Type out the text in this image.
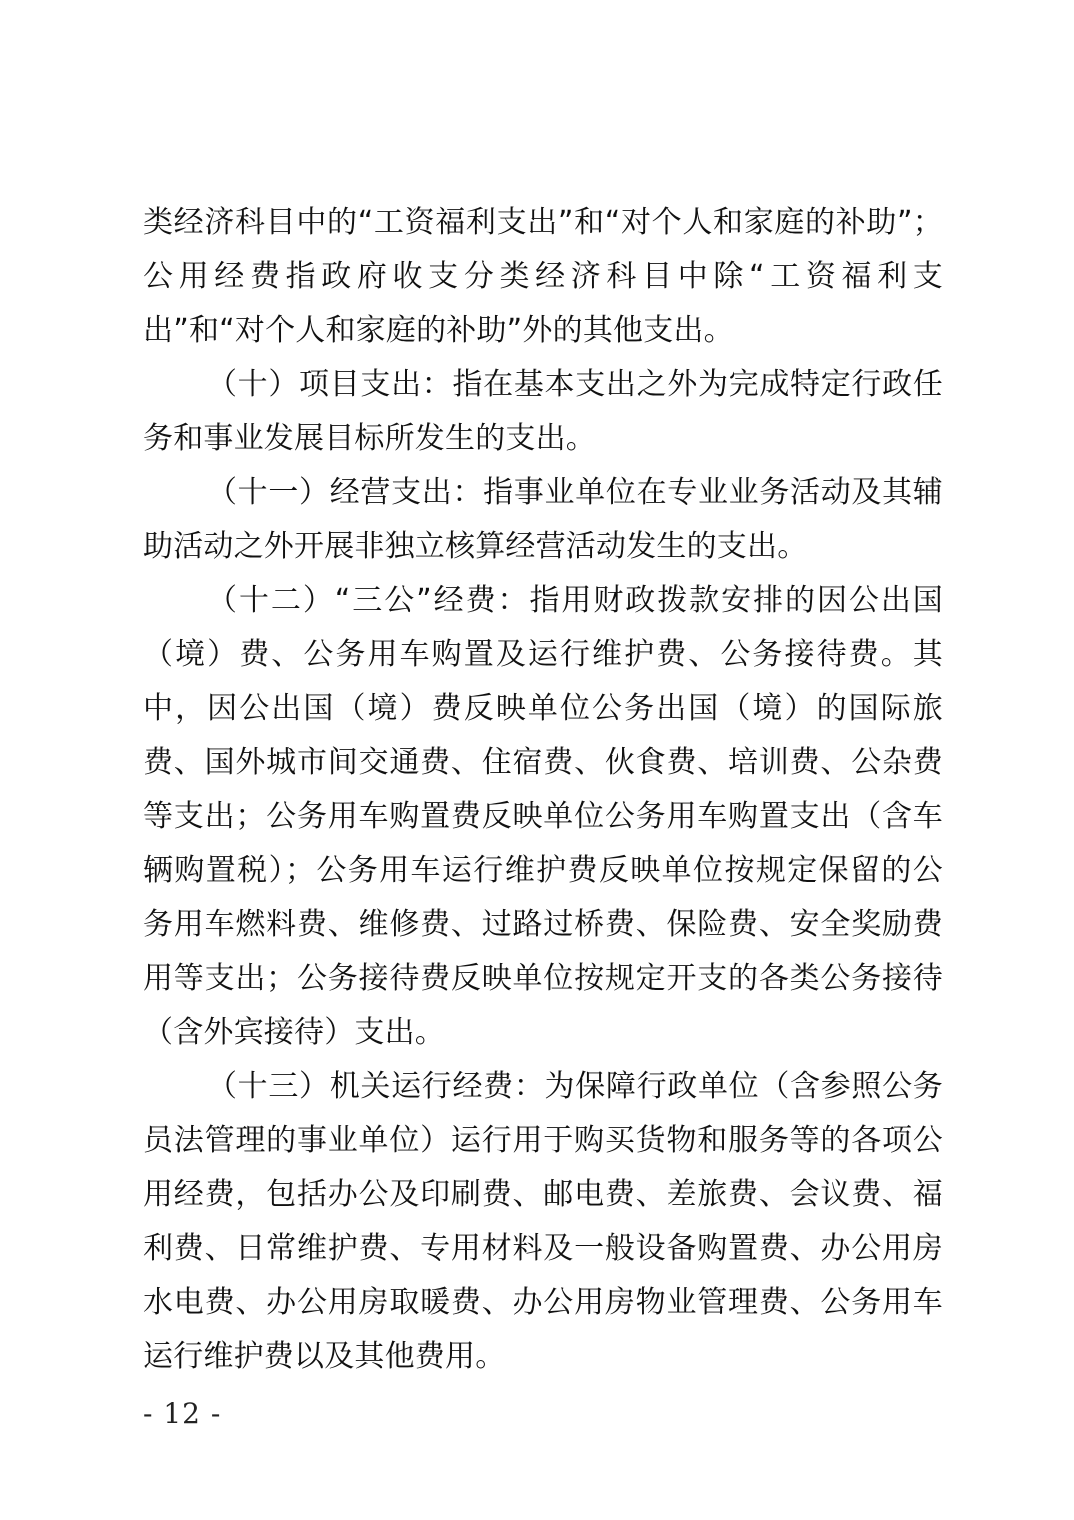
类经济科目中的“工资福利支出”和“对个人和家庭的补助”；公用经费指政府收支分类经济科目中除“工资福利支出”和“对个人和家庭的补助”外的其他支出。

（十）项目支出：指在基本支出之外为完成特定行政任务和事业发展目标所发生的支出。

（十一）经营支出：指事业单位在专业业务活动及其辅助活动之外开展非独立核算经营活动发生的支出。

（十二）“三公”经费：指用财政拨款安排的因公出国（境）费、公务用车购置及运行维护费、公务接待费。其中，因公出国（境）费反映单位公务出国（境）的国际旅费、国外城市间交通费、住宿费、伙食费、培训费、公杂费等支出；公务用车购置费反映单位公务用车购置支出（含车辆购置税）；公务用车运行维护费反映单位按规定保留的公务用车燃料费、维修费、过路过桥费、保险费、安全奖励费用等支出；公务接待费反映单位按规定开支的各类公务接待（含外宾接待）支出。

（十三）机关运行经费：为保障行政单位（含参照公务员法管理的事业单位）运行用于购买货物和服务等的各项公用经费，包括办公及印刷费、邮电费、差旅费、会议费、福利费、日常维护费、专用材料及一般设备购置费、办公用房水电费、办公用房取暖费、办公用房物业管理费、公务用车运行维护费以及其他费用。

- 12 -
